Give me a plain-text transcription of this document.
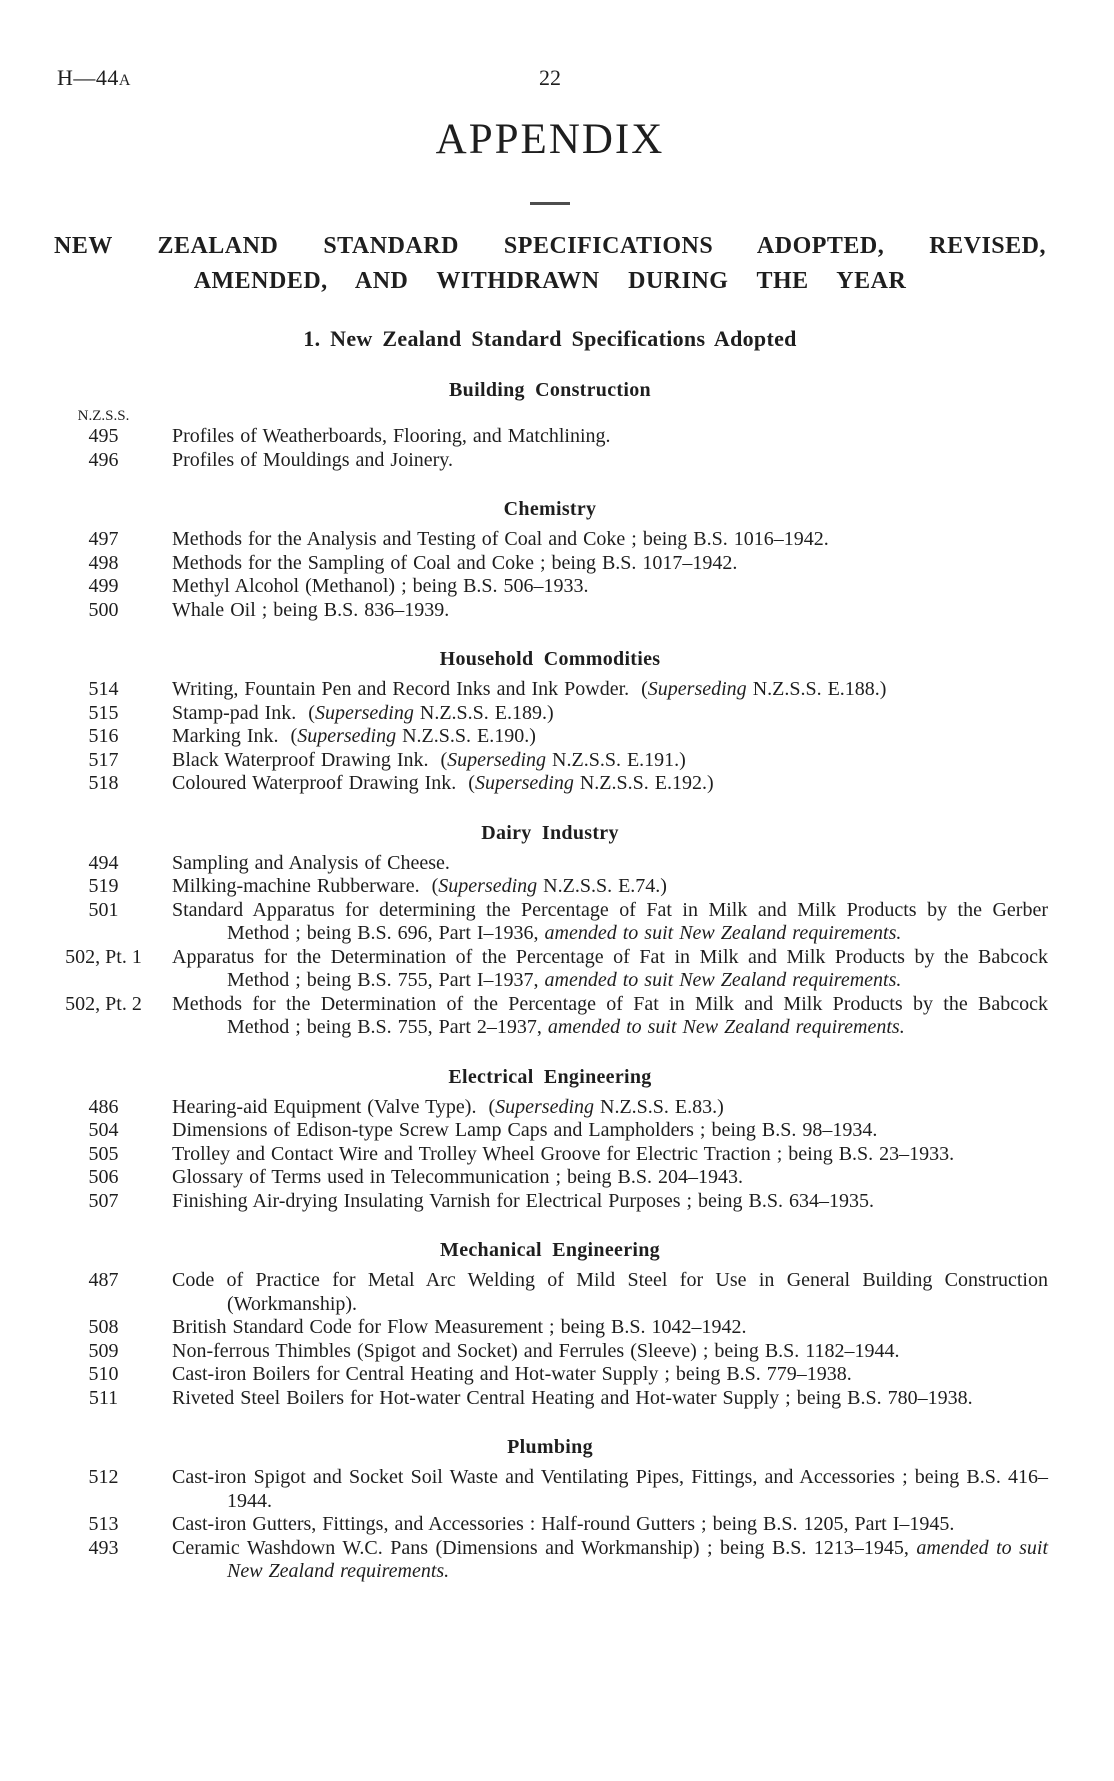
H—44A	22
APPENDIX
NEW ZEALAND STANDARD SPECIFICATIONS ADOPTED, REVISED,
AMENDED, AND WITHDRAWN DURING THE YEAR
1. New Zealand Standard Specifications Adopted
Building Construction
N.Z.S.S.
495	Profiles of Weatherboards, Flooring, and Matchlining.
496	Profiles of Mouldings and Joinery.
Chemistry
497	Methods for the Analysis and Testing of Coal and Coke ; being B.S. 1016–1942.
498	Methods for the Sampling of Coal and Coke ; being B.S. 1017–1942.
499	Methyl Alcohol (Methanol) ; being B.S. 506–1933.
500	Whale Oil ; being B.S. 836–1939.
Household Commodities
514	Writing, Fountain Pen and Record Inks and Ink Powder.  (Superseding N.Z.S.S. E.188.)
515	Stamp-pad Ink.  (Superseding N.Z.S.S. E.189.)
516	Marking Ink.  (Superseding N.Z.S.S. E.190.)
517	Black Waterproof Drawing Ink.  (Superseding N.Z.S.S. E.191.)
518	Coloured Waterproof Drawing Ink.  (Superseding N.Z.S.S. E.192.)
Dairy Industry
494	Sampling and Analysis of Cheese.
519	Milking-machine Rubberware.  (Superseding N.Z.S.S. E.74.)
501	Standard Apparatus for determining the Percentage of Fat in Milk and Milk Products by the Gerber Method ; being B.S. 696, Part I–1936, amended to suit New Zealand requirements.
502, Pt. 1	Apparatus for the Determination of the Percentage of Fat in Milk and Milk Products by the Babcock Method ; being B.S. 755, Part I–1937, amended to suit New Zealand requirements.
502, Pt. 2	Methods for the Determination of the Percentage of Fat in Milk and Milk Products by the Babcock Method ; being B.S. 755, Part 2–1937, amended to suit New Zealand requirements.
Electrical Engineering
486	Hearing-aid Equipment (Valve Type).  (Superseding N.Z.S.S. E.83.)
504	Dimensions of Edison-type Screw Lamp Caps and Lampholders ; being B.S. 98–1934.
505	Trolley and Contact Wire and Trolley Wheel Groove for Electric Traction ; being B.S. 23–1933.
506	Glossary of Terms used in Telecommunication ; being B.S. 204–1943.
507	Finishing Air-drying Insulating Varnish for Electrical Purposes ; being B.S. 634–1935.
Mechanical Engineering
487	Code of Practice for Metal Arc Welding of Mild Steel for Use in General Building Construction (Workmanship).
508	British Standard Code for Flow Measurement ; being B.S. 1042–1942.
509	Non-ferrous Thimbles (Spigot and Socket) and Ferrules (Sleeve) ; being B.S. 1182–1944.
510	Cast-iron Boilers for Central Heating and Hot-water Supply ; being B.S. 779–1938.
511	Riveted Steel Boilers for Hot-water Central Heating and Hot-water Supply ; being B.S. 780–1938.
Plumbing
512	Cast-iron Spigot and Socket Soil Waste and Ventilating Pipes, Fittings, and Accessories ; being B.S. 416–1944.
513	Cast-iron Gutters, Fittings, and Accessories : Half-round Gutters ; being B.S. 1205, Part I–1945.
493	Ceramic Washdown W.C. Pans (Dimensions and Workmanship) ; being B.S. 1213–1945, amended to suit New Zealand requirements.
